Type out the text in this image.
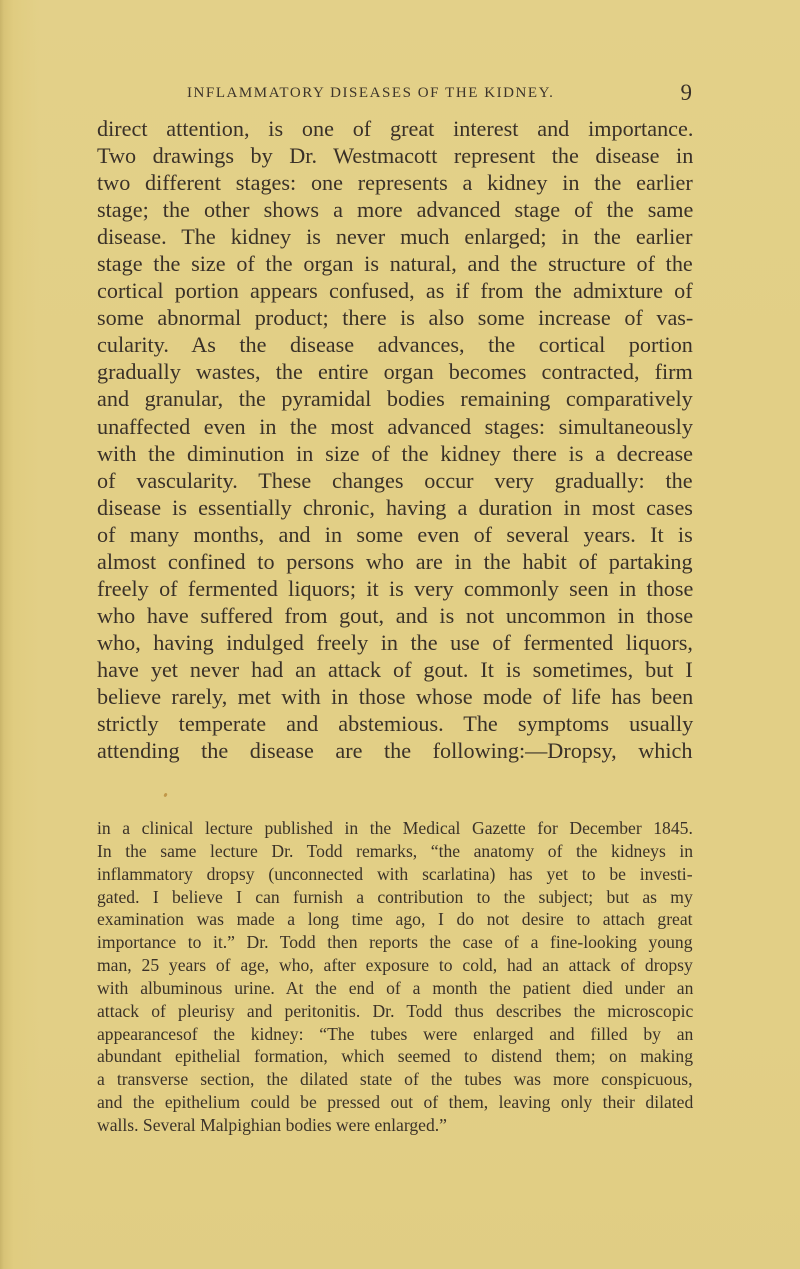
INFLAMMATORY DISEASES OF THE KIDNEY.	9
direct attention, is one of great interest and importance.
Two drawings by Dr. Westmacott represent the disease in
two different stages: one represents a kidney in the earlier
stage; the other shows a more advanced stage of the same
disease. The kidney is never much enlarged; in the earlier
stage the size of the organ is natural, and the structure of the
cortical portion appears confused, as if from the admixture of
some abnormal product; there is also some increase of vas-
cularity. As the disease advances, the cortical portion
gradually wastes, the entire organ becomes contracted, firm
and granular, the pyramidal bodies remaining comparatively
unaffected even in the most advanced stages: simultaneously
with the diminution in size of the kidney there is a decrease
of vascularity. These changes occur very gradually: the
disease is essentially chronic, having a duration in most cases
of many months, and in some even of several years. It is
almost confined to persons who are in the habit of partaking
freely of fermented liquors; it is very commonly seen in those
who have suffered from gout, and is not uncommon in those
who, having indulged freely in the use of fermented liquors,
have yet never had an attack of gout. It is sometimes, but I
believe rarely, met with in those whose mode of life has been
strictly temperate and abstemious. The symptoms usually
attending the disease are the following:—Dropsy, which
in a clinical lecture published in the Medical Gazette for December 1845.
In the same lecture Dr. Todd remarks, “the anatomy of the kidneys in
inflammatory dropsy (unconnected with scarlatina) has yet to be investi-
gated. I believe I can furnish a contribution to the subject; but as my
examination was made a long time ago, I do not desire to attach great
importance to it.” Dr. Todd then reports the case of a fine-looking young
man, 25 years of age, who, after exposure to cold, had an attack of dropsy
with albuminous urine. At the end of a month the patient died under an
attack of pleurisy and peritonitis. Dr. Todd thus describes the microscopic
appearancesof the kidney: “The tubes were enlarged and filled by an
abundant epithelial formation, which seemed to distend them; on making
a transverse section, the dilated state of the tubes was more conspicuous,
and the epithelium could be pressed out of them, leaving only their dilated
walls. Several Malpighian bodies were enlarged.”
